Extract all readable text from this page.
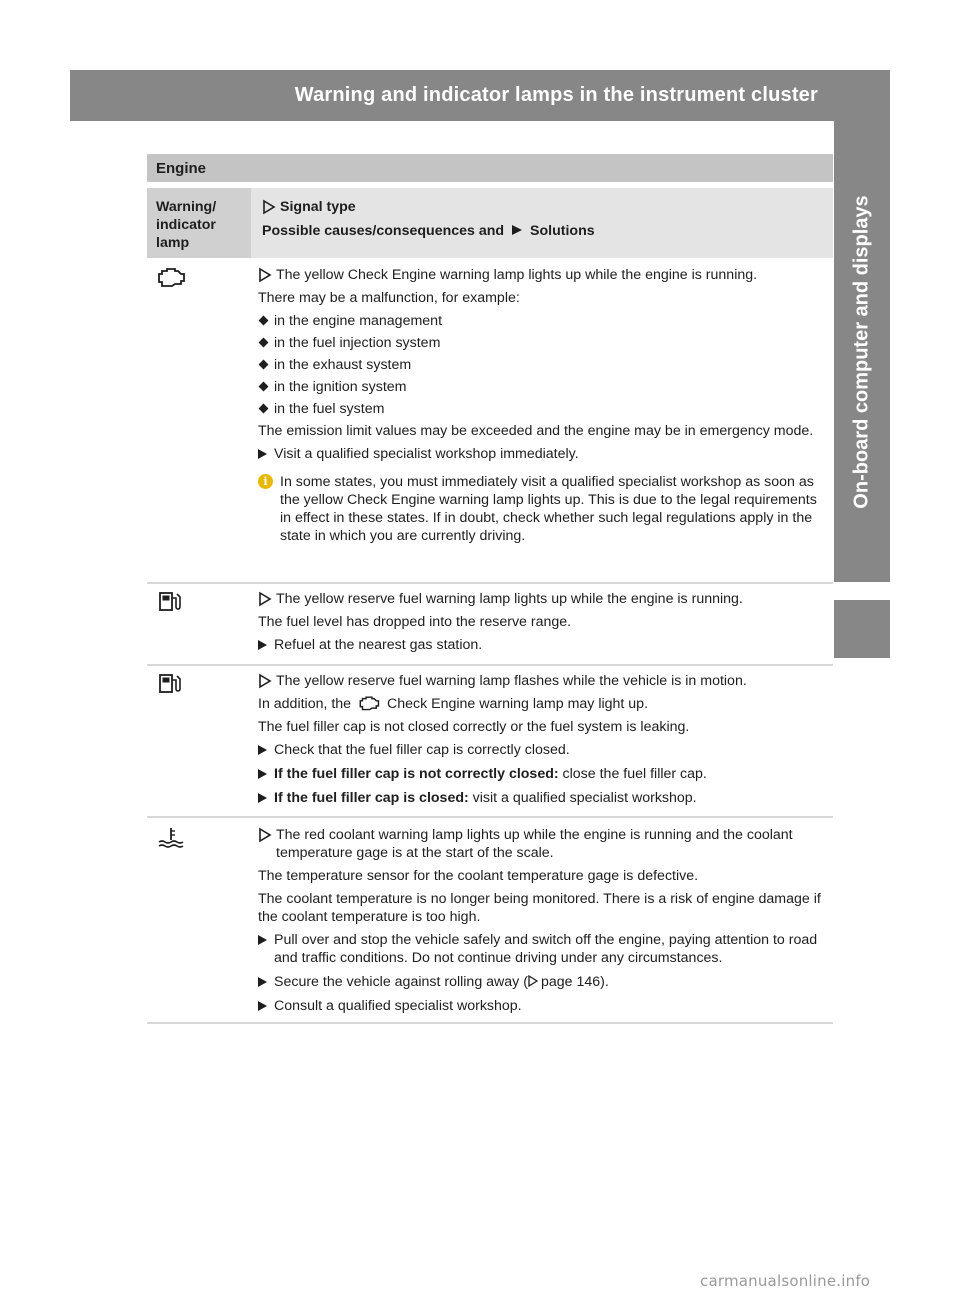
Warning and indicator lamps in the instrument cluster	241
On-board computer and displays
Engine
Warning/
indicator
lamp
Signal type
Possible causes/consequences and Solutions
The yellow Check Engine warning lamp lights up while the engine is running.
There may be a malfunction, for example:
in the engine management
in the fuel injection system
in the exhaust system
in the ignition system
in the fuel system
The emission limit values may be exceeded and the engine may be in emergency mode.
Visit a qualified specialist workshop immediately.
i In some states, you must immediately visit a qualified specialist workshop as soon as the yellow Check Engine warning lamp lights up. This is due to the legal requirements in effect in these states. If in doubt, check whether such legal regulations apply in the state in which you are currently driving.
The yellow reserve fuel warning lamp lights up while the engine is running.
The fuel level has dropped into the reserve range.
Refuel at the nearest gas station.
The yellow reserve fuel warning lamp flashes while the vehicle is in motion.
In addition, the	Check Engine warning lamp may light up.
The fuel filler cap is not closed correctly or the fuel system is leaking.
Check that the fuel filler cap is correctly closed.
If the fuel filler cap is not correctly closed: close the fuel filler cap.
If the fuel filler cap is closed: visit a qualified specialist workshop.
The red coolant warning lamp lights up while the engine is running and the coolant temperature gage is at the start of the scale.
The temperature sensor for the coolant temperature gage is defective.
The coolant temperature is no longer being monitored. There is a risk of engine damage if the coolant temperature is too high.
Pull over and stop the vehicle safely and switch off the engine, paying attention to road and traffic conditions. Do not continue driving under any circumstances.
Secure the vehicle against rolling away ( page 146).
Consult a qualified specialist workshop.
carmanualsonline.info
